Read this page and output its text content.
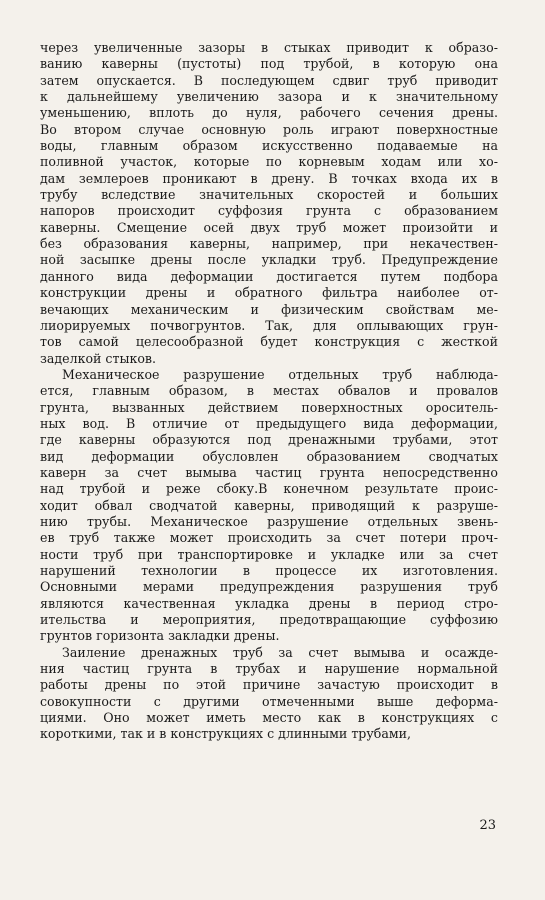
через увеличенные зазоры в стыках приводит к образо-
ванию каверны (пустоты) под трубой, в которую она
затем опускается. В последующем сдвиг труб приводит
к дальнейшему увеличению зазора и к значительному
уменьшению, вплоть до нуля, рабочего сечения дрены.
Во втором случае основную роль играют поверхностные
воды, главным образом искусственно подаваемые на
поливной участок, которые по корневым ходам или хо-
дам землероев проникают в дрену. В точках входа их в
трубу вследствие значительных скоростей и больших
напоров происходит суффозия грунта с образованием
каверны. Смещение осей двух труб может произойти и
без образования каверны, например, при некачествен-
ной засыпке дрены после укладки труб. Предупреждение
данного вида деформации достигается путем подбора
конструкции дрены и обратного фильтра наиболее от-
вечающих механическим и физическим свойствам ме-
лиорируемых почвогрунтов. Так, для оплывающих грун-
тов самой целесообразной будет конструкция с жесткой
заделкой стыков.
Механическое разрушение отдельных труб наблюда-
ется, главным образом, в местах обвалов и провалов
грунта, вызванных действием поверхностных ороситель-
ных вод. В отличие от предыдущего вида деформации,
где каверны образуются под дренажными трубами, этот
вид деформации обусловлен образованием сводчатых
каверн за счет вымыва частиц грунта непосредственно
над трубой и реже сбоку.В конечном результате проис-
ходит обвал сводчатой каверны, приводящий к разруше-
нию трубы. Механическое разрушение отдельных звень-
ев труб также может происходить за счет потери проч-
ности труб при транспортировке и укладке или за счет
нарушений технологии в процессе их изготовления.
Основными мерами предупреждения разрушения труб
являются качественная укладка дрены в период стро-
ительства и мероприятия, предотвращающие суффозию
грунтов горизонта закладки дрены.
Заиление дренажных труб за счет вымыва и осажде-
ния частиц грунта в трубах и нарушение нормальной
работы дрены по этой причине зачастую происходит в
совокупности с другими отмеченными выше деформа-
циями. Оно может иметь место как в конструкциях с
короткими, так и в конструкциях с длинными трубами,
23
